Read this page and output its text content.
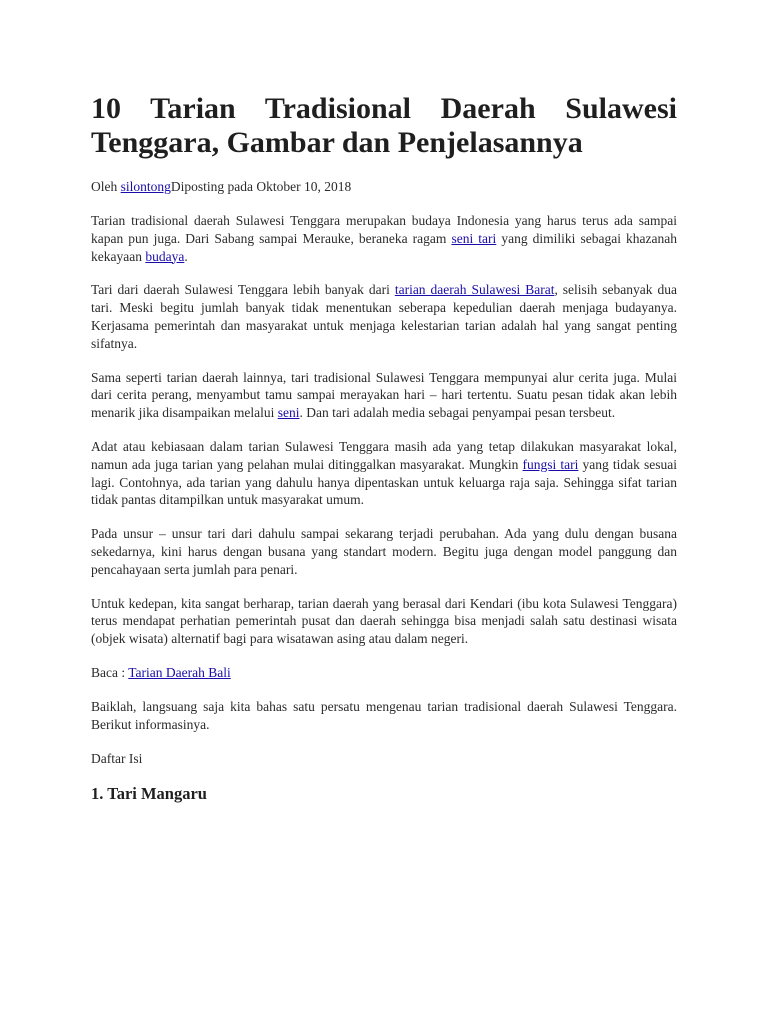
10 Tarian Tradisional Daerah Sulawesi Tenggara, Gambar dan Penjelasannya
Oleh silontongDiposting pada Oktober 10, 2018

Tarian tradisional daerah Sulawesi Tenggara merupakan budaya Indonesia yang harus terus ada sampai kapan pun juga. Dari Sabang sampai Merauke, beraneka ragam seni tari yang dimiliki sebagai khazanah kekayaan budaya.

Tari dari daerah Sulawesi Tenggara lebih banyak dari tarian daerah Sulawesi Barat, selisih sebanyak dua tari. Meski begitu jumlah banyak tidak menentukan seberapa kepedulian daerah menjaga budayanya. Kerjasama pemerintah dan masyarakat untuk menjaga kelestarian tarian adalah hal yang sangat penting sifatnya.

Sama seperti tarian daerah lainnya, tari tradisional Sulawesi Tenggara mempunyai alur cerita juga. Mulai dari cerita perang, menyambut tamu sampai merayakan hari – hari tertentu. Suatu pesan tidak akan lebih menarik jika disampaikan melalui seni. Dan tari adalah media sebagai penyampai pesan tersbeut.

Adat atau kebiasaan dalam tarian Sulawesi Tenggara masih ada yang tetap dilakukan masyarakat lokal, namun ada juga tarian yang pelahan mulai ditinggalkan masyarakat. Mungkin fungsi tari yang tidak sesuai lagi. Contohnya, ada tarian yang dahulu hanya dipentaskan untuk keluarga raja saja. Sehingga sifat tarian tidak pantas ditampilkan untuk masyarakat umum.

Pada unsur – unsur tari dari dahulu sampai sekarang terjadi perubahan. Ada yang dulu dengan busana sekedarnya, kini harus dengan busana yang standart modern. Begitu juga dengan model panggung dan pencahayaan serta jumlah para penari.

Untuk kedepan, kita sangat berharap, tarian daerah yang berasal dari Kendari (ibu kota Sulawesi Tenggara) terus mendapat perhatian pemerintah pusat dan daerah sehingga bisa menjadi salah satu destinasi wisata (objek wisata) alternatif bagi para wisatawan asing atau dalam negeri.

Baca : Tarian Daerah Bali

Baiklah, langsuang saja kita bahas satu persatu mengenau tarian tradisional daerah Sulawesi Tenggara. Berikut informasinya.

Daftar Isi
1. Tari Mangaru
